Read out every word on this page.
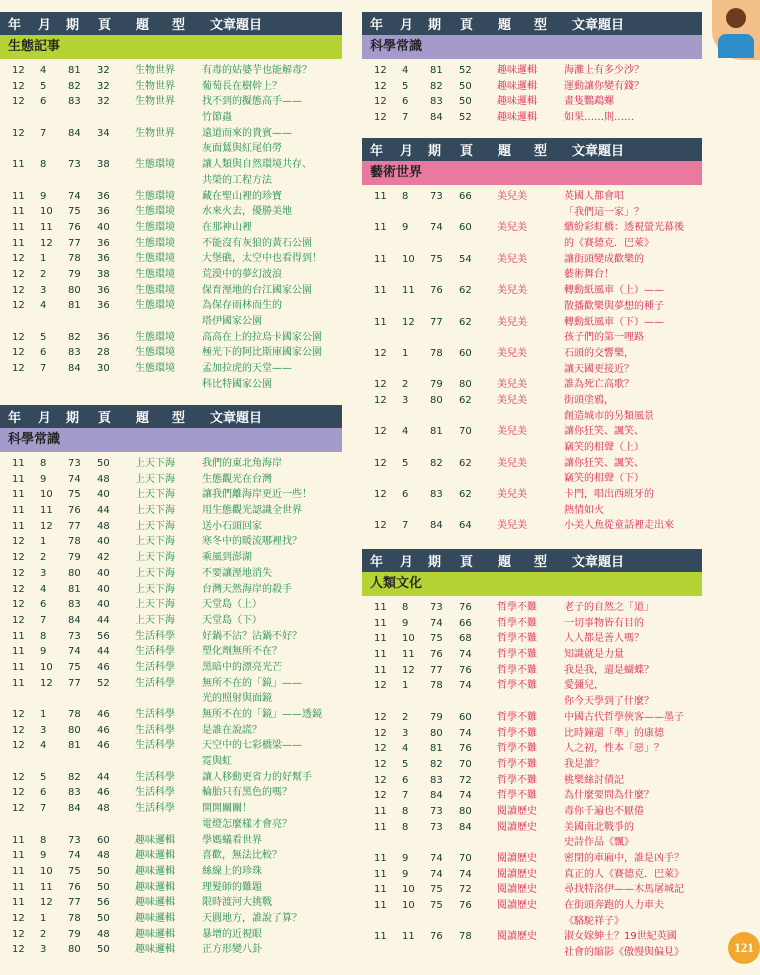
年 月 期 頁 題 型 文章題目
生態記事
12 4 81 32	生物世界	有毒的姑婆芋也能解毒？
12 5 82 32	生物世界	葡萄長在樹幹上？
12 6 83 32	生物世界	找不到的擬態高手——
竹節蟲
12 7 84 34	生物世界	遠道而來的貴賓——
灰面鵟與紅尾伯勞
11 8 73 38	生態環境	讓人類與自然環境共存、
共榮的工程方法
11 9 74 36	生態環境	藏在聖山裡的珍寶
11 10 75 36	生態環境	水來火去，優勝美地
11 11 76 40	生態環境	在那神山裡
11 12 77 36	生態環境	不能沒有灰狼的黃石公園
12 1 78 36	生態環境	大堡礁，太空中也看得到！
12 2 79 38	生態環境	荒漠中的夢幻波浪
12 3 80 36	生態環境	保育溼地的台江國家公園
12 4 81 36	生態環境	為保存雨林而生的
塔伊國家公園
12 5 82 36	生態環境	高高在上的拉烏卡國家公園
12 6 83 28	生態環境	極光下的阿比斯庫國家公園
12 7 84 30	生態環境	孟加拉虎的天堂——
科比特國家公園
年 月 期 頁 題 型 文章題目
科學常識
11 8 73 50	上天下海	我們的東北角海岸
11 9 74 48	上天下海	生態觀光在台灣
11 10 75 40	上天下海	讓我們離海岸更近一些！
11 11 76 44	上天下海	用生態觀光認識全世界
11 12 77 48	上天下海	送小石頭回家
12 1 78 40	上天下海	寒冬中的暖流哪裡找？
12 2 79 42	上天下海	乘風到澎湖
12 3 80 40	上天下海	不要讓溼地消失
12 4 81 40	上天下海	台灣天然海岸的殺手
12 6 83 40	上天下海	天堂島（上）
12 7 84 44	上天下海	天堂島（下）
11 8 73 56	生活科學	好鍋不沾？沾鍋不好？
11 9 74 44	生活科學	塑化劑無所不在？
11 10 75 46	生活科學	黑暗中的漂亮光芒
11 12 77 52	生活科學	無所不在的「鏡」——
光的照射與面鏡
12 1 78 46	生活科學	無所不在的「鏡」——透鏡
12 3 80 46	生活科學	是誰在說謊？
12 4 81 46	生活科學	天空中的七彩橋梁——
霓與虹
12 5 82 44	生活科學	讓人移動更省力的好幫手
12 6 83 46	生活科學	輪胎只有黑色的嗎？
12 7 84 48	生活科學	開開關關！
電燈怎麼樣才會亮？
11 8 73 60	趣味邏輯	學媽蟻看世界
11 9 74 48	趣味邏輯	喜歡，無法比較？
11 10 75 50	趣味邏輯	絲線上的珍珠
11 11 76 50	趣味邏輯	理髮師的難題
11 12 77 56	趣味邏輯	限時渡河大挑戰
12 1 78 50	趣味邏輯	天圓地方，誰說了算？
12 2 79 48	趣味邏輯	暴增的近視眼
12 3 80 50	趣味邏輯	正方形變八卦
年 月 期 頁 題 型 文章題目
科學常識
12 4 81 52	趣味邏輯	海灘上有多少沙？
12 5 82 50	趣味邏輯	運動讓你變有錢？
12 6 83 50	趣味邏輯	畫隻鸚鵡螺
12 7 84 52	趣味邏輯	如果……則……
年 月 期 頁 題 型 文章題目
藝術世界
11 8 73 66	美兒美	英國人都會唱
「我們這一家」？
11 9 74 60	美兒美	繽紛彩虹橋：透視螢光幕後
的《賽德克．巴萊》
11 10 75 54	美兒美	讓街頭變成歡樂的
藝術舞台！
11 11 76 62	美兒美	轉動紙風車（上）——
散播歡樂與夢想的種子
11 12 77 62	美兒美	轉動紙風車（下）——
孩子們的第一哩路
12 1 78 60	美兒美	石頭的交響樂，
讓天國更接近？
12 2 79 80	美兒美	誰為死亡高歌？
12 3 80 62	美兒美	街頭塗鴉，
創造城市的另類風景
12 4 81 70	美兒美	讓你狂笑、諷笑、
竊笑的相聲（上）
12 5 82 62	美兒美	讓你狂笑、諷笑、
竊笑的相聲（下）
12 6 83 62	美兒美	卡門，唱出西班牙的
熱情如火
12 7 84 64	美兒美	小美人魚從童話裡走出來
年 月 期 頁 題 型 文章題目
人類文化
11 8 73 76	哲學不難	老子的自然之「道」
11 9 74 66	哲學不難	一切事物皆有目的
11 10 75 68	哲學不難	人人都是善人嗎？
11 11 76 74	哲學不難	知識就是力量
11 12 77 76	哲學不難	我是我，還是蝴蝶？
12 1 78 74	哲學不難	愛彌兒，
你今天學到了什麼？
12 2 79 60	哲學不難	中國古代哲學俠客——墨子
12 3 80 74	哲學不難	比時鐘還「準」的康德
12 4 81 76	哲學不難	人之初，性本「惡」？
12 5 82 70	哲學不難	我是誰？
12 6 83 72	哲學不難	桃樂絲討債記
12 7 84 74	哲學不難	為什麼要問為什麼？
11 8 73 80	閱讀歷史	毒你千遍也不厭倦
11 8 73 84	閱讀歷史	美國南北戰爭的
史詩作品《飄》
11 9 74 70	閱讀歷史	密閉的車廂中，誰是凶手？
11 9 74 74	閱讀歷史	真正的人《賽德克．巴萊》
11 10 75 72	閱讀歷史	尋找特洛伊——木馬屠城記
11 10 75 76	閱讀歷史	在街頭奔跑的人力車夫
《駱駝祥子》
11 11 76 78	閱讀歷史	淑女嫁紳士？19世紀英國
社會的縮影《傲慢與偏見》	121
